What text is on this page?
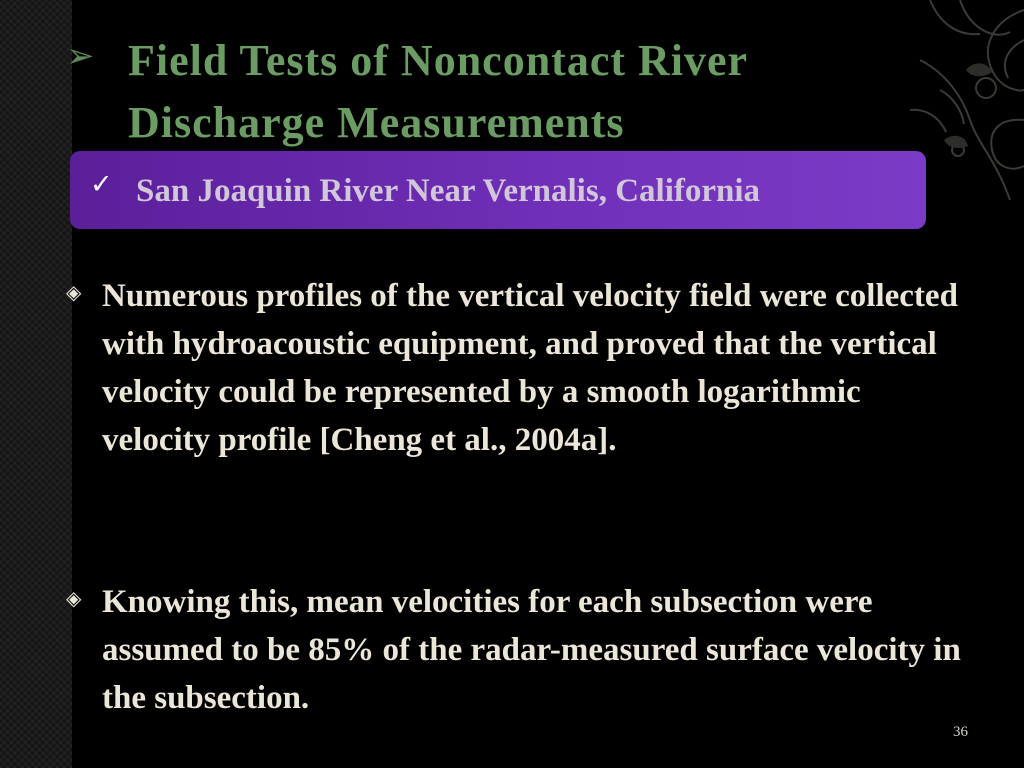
➢ Field Tests of Noncontact River Discharge Measurements
✓ San Joaquin River Near Vernalis, California
◈ Numerous profiles of the vertical velocity field were collected with hydroacoustic equipment, and proved that the vertical velocity could be represented by a smooth logarithmic velocity profile [Cheng et al., 2004a].
◈ Knowing this, mean velocities for each subsection were assumed to be 85% of the radar-measured surface velocity in the subsection.
36
